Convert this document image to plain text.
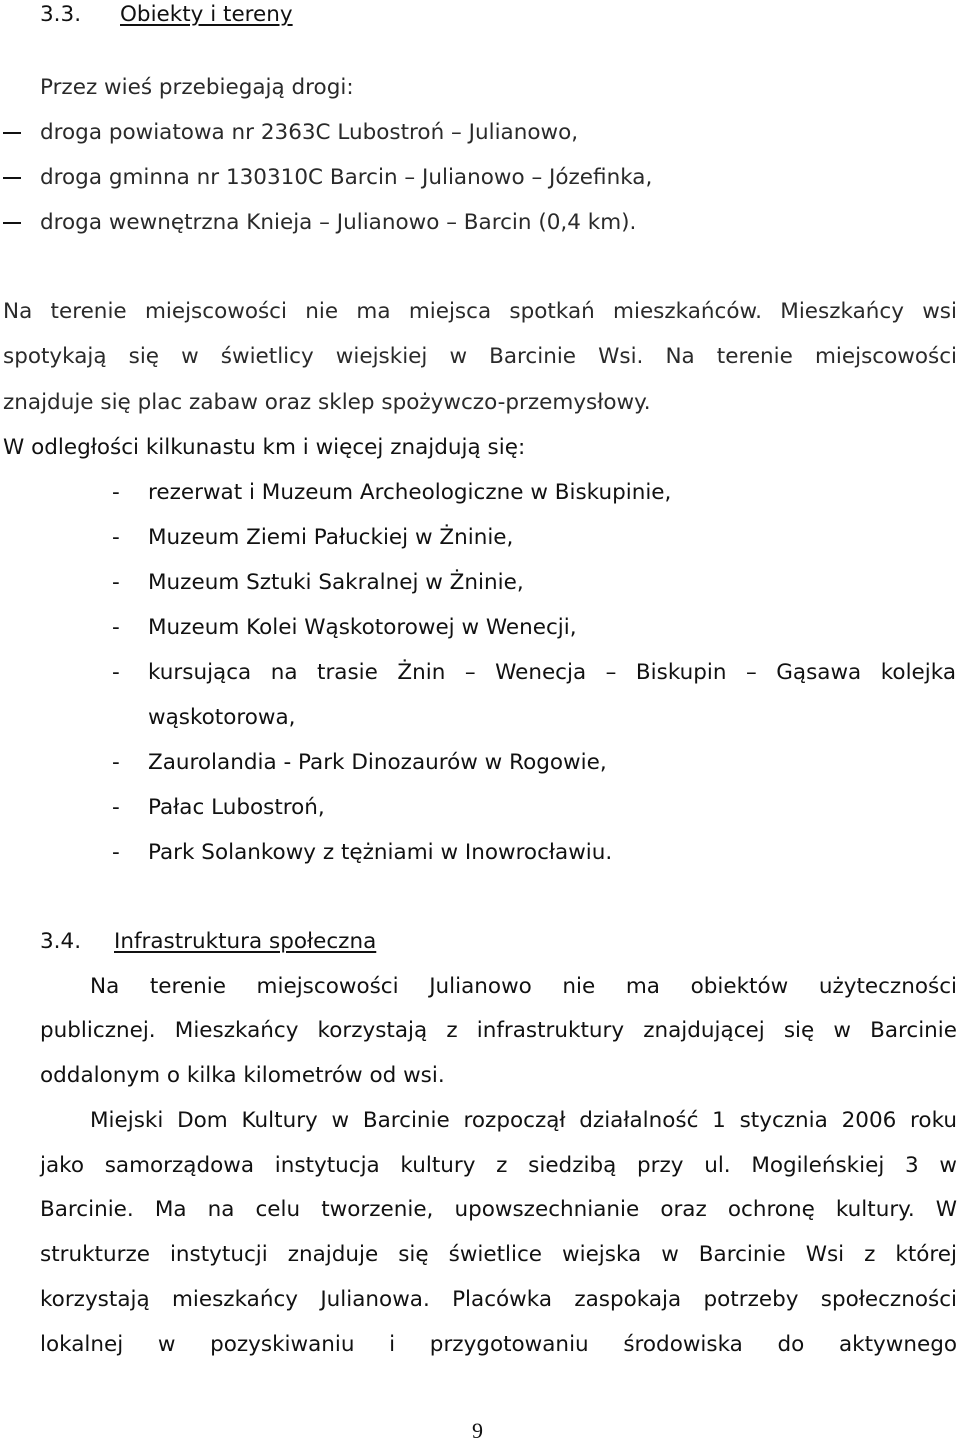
3.3. Obiekty i tereny
Przez wieś przebiegają drogi:
droga powiatowa nr 2363C Lubostroń – Julianowo,
droga gminna nr 130310C Barcin – Julianowo – Józefinka,
droga wewnętrzna Knieja – Julianowo – Barcin (0,4 km).
Na terenie miejscowości nie ma miejsca spotkań mieszkańców. Mieszkańcy wsi
spotykają się w świetlicy wiejskiej w Barcinie Wsi. Na terenie miejscowości
znajduje się plac zabaw oraz sklep spożywczo-przemysłowy.
W odległości kilkunastu km i więcej znajdują się:
- rezerwat i Muzeum Archeologiczne w Biskupinie,
- Muzeum Ziemi Pałuckiej w Żninie,
- Muzeum Sztuki Sakralnej w Żninie,
- Muzeum Kolei Wąskotorowej w Wenecji,
- kursująca na trasie Żnin – Wenecja – Biskupin – Gąsawa kolejka
wąskotorowa,
- Zaurolandia - Park Dinozaurów w Rogowie,
- Pałac Lubostroń,
- Park Solankowy z tężniami w Inowrocławiu.
3.4. Infrastruktura społeczna
Na terenie miejscowości Julianowo nie ma obiektów użyteczności
publicznej. Mieszkańcy korzystają z infrastruktury znajdującej się w Barcinie
oddalonym o kilka kilometrów od wsi.
Miejski Dom Kultury w Barcinie rozpoczął działalność 1 stycznia 2006 roku
jako samorządowa instytucja kultury z siedzibą przy ul. Mogileńskiej 3 w
Barcinie. Ma na celu tworzenie, upowszechnianie oraz ochronę kultury. W
strukturze instytucji znajduje się świetlice wiejska w Barcinie Wsi z której
korzystają mieszkańcy Julianowa. Placówka zaspokaja potrzeby społeczności
lokalnej w pozyskiwaniu i przygotowaniu środowiska do aktywnego
9
